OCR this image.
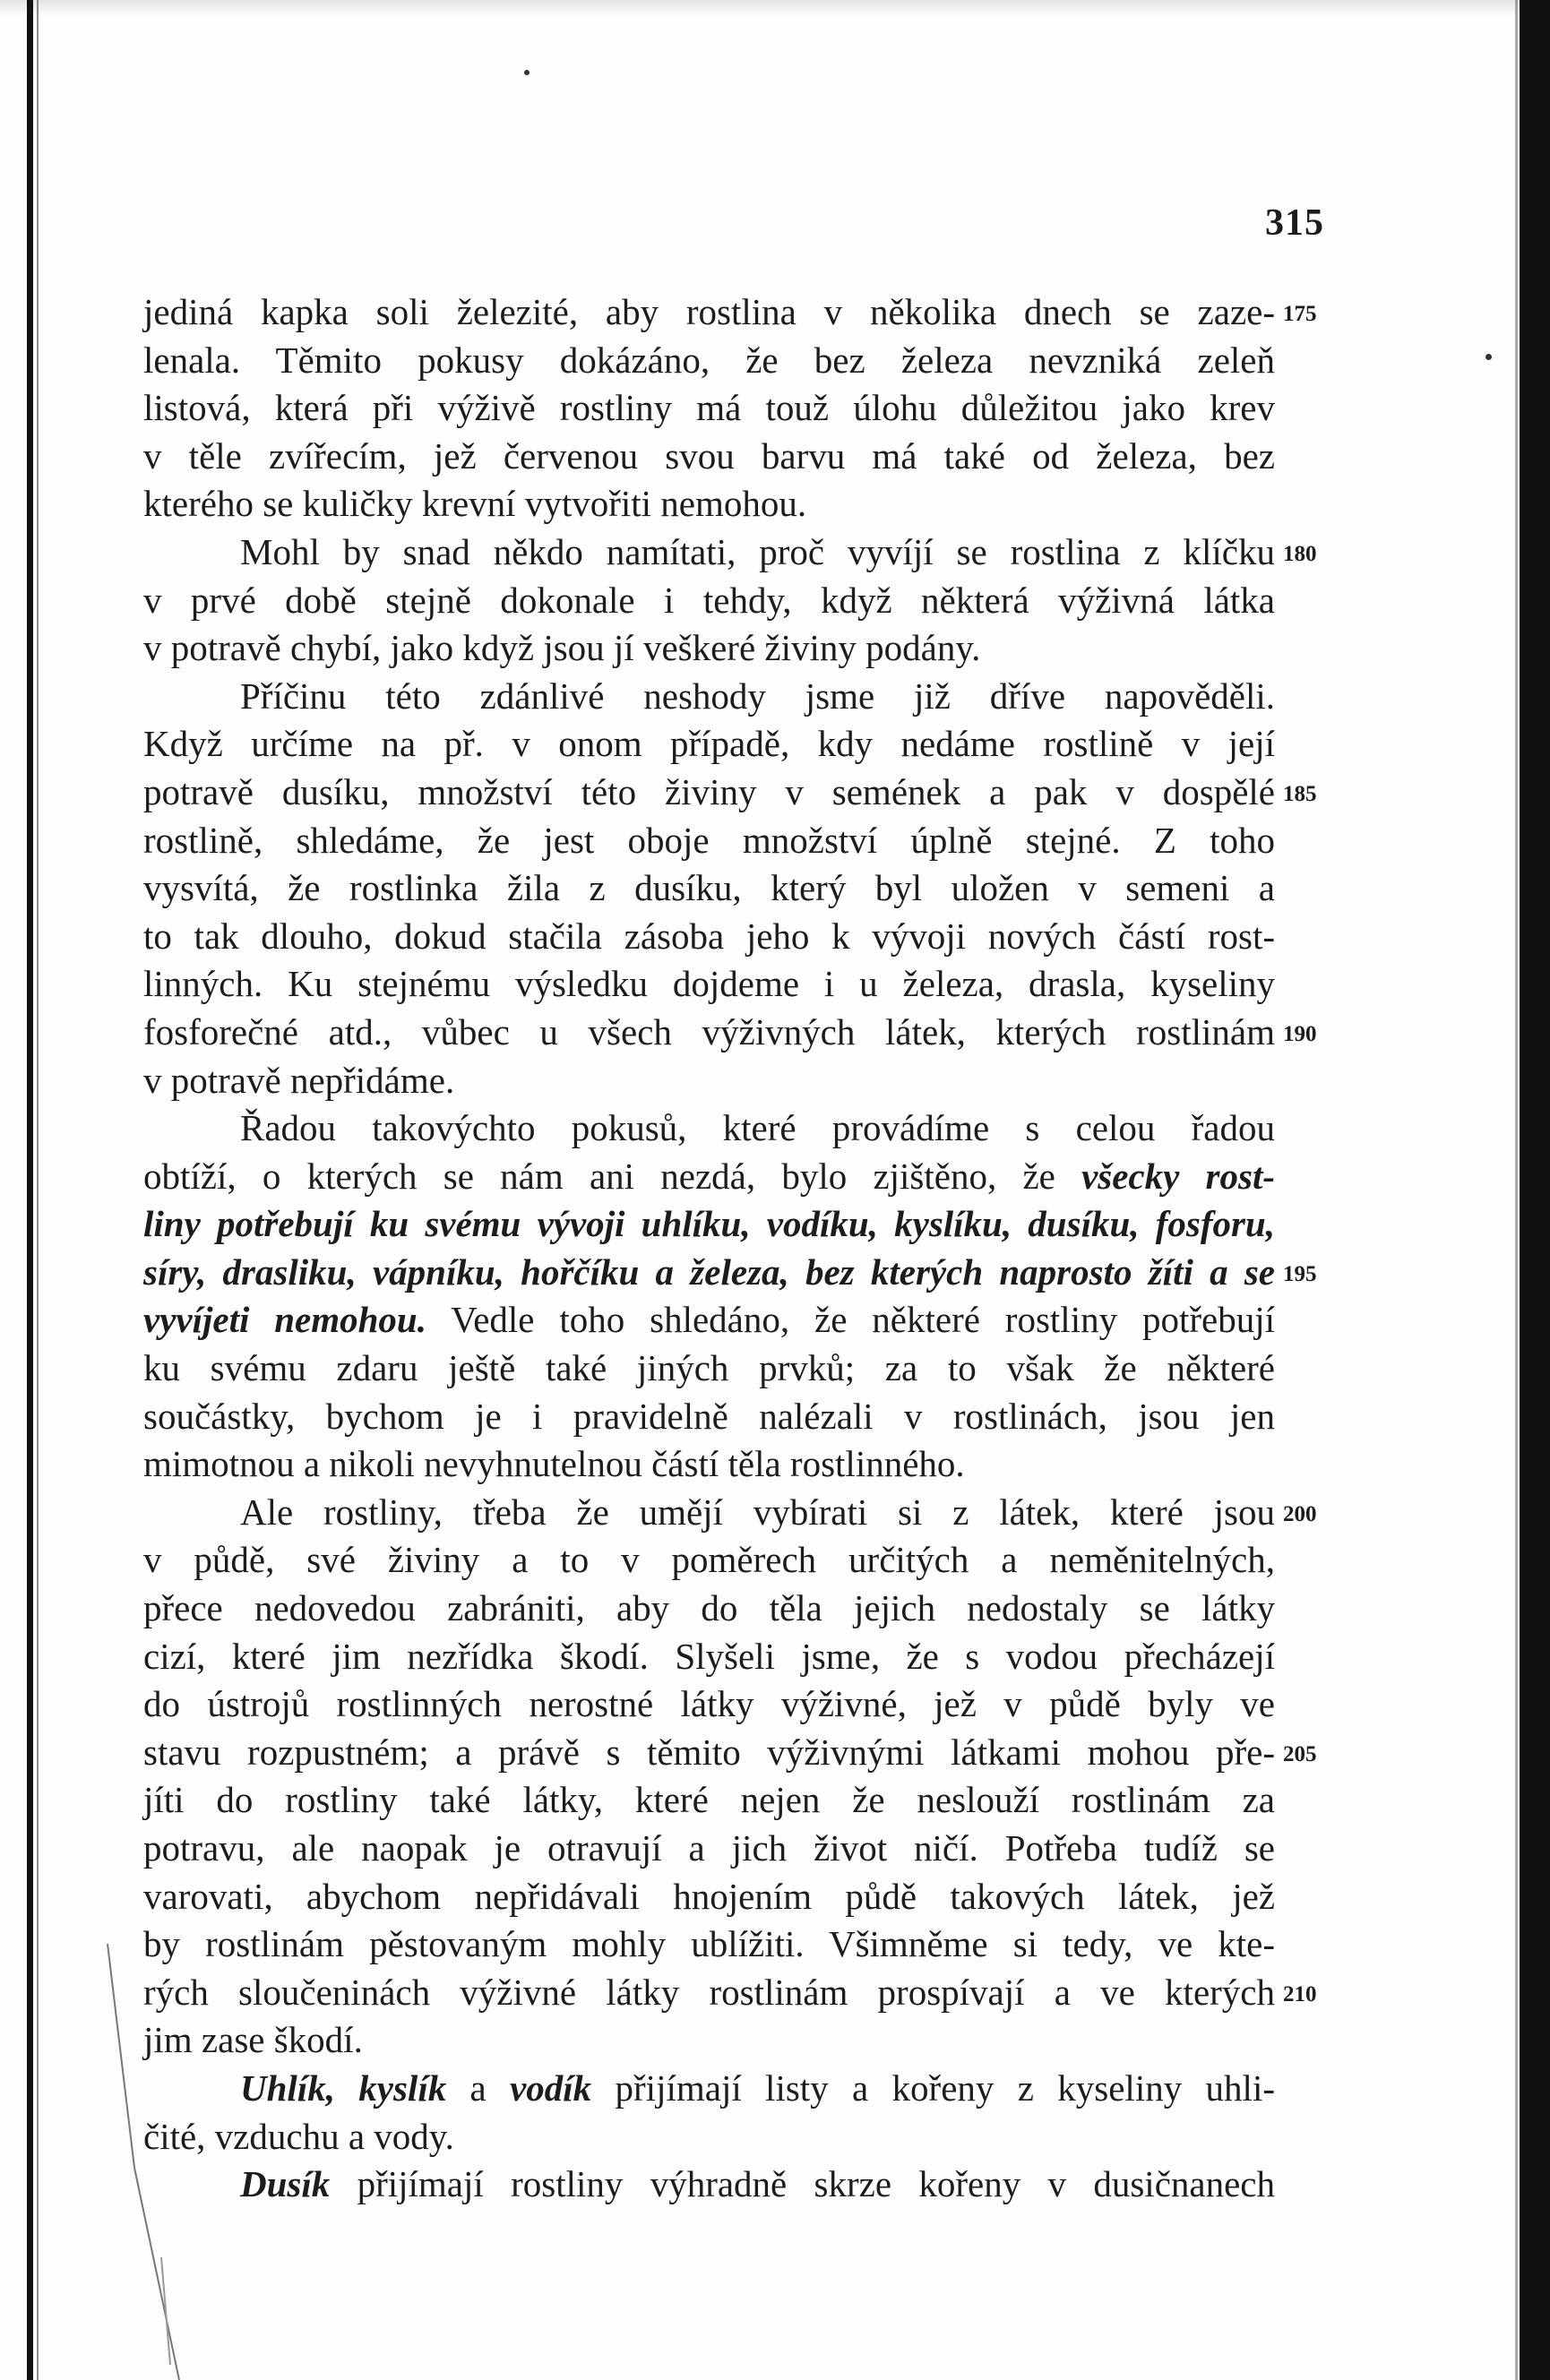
315
jediná kapka soli železité, aby rostlina v několika dnech se zaze-
lenala. Těmito pokusy dokázáno, že bez železa nevzniká zeleň
listová, která při výživě rostliny má touž úlohu důležitou jako krev
v těle zvířecím, jež červenou svou barvu má také od železa, bez
kterého se kuličky krevní vytvořiti nemohou.
Mohl by snad někdo namítati, proč vyvíjí se rostlina z klíčku
v prvé době stejně dokonale i tehdy, když některá výživná látka
v potravě chybí, jako když jsou jí veškeré živiny podány.
Příčinu této zdánlivé neshody jsme již dříve napověděli.
Když určíme na př. v onom případě, kdy nedáme rostlině v její
potravě dusíku, množství této živiny v semének a pak v dospělé
rostlině, shledáme, že jest oboje množství úplně stejné. Z toho
vysvítá, že rostlinka žila z dusíku, který byl uložen v semeni a
to tak dlouho, dokud stačila zásoba jeho k vývoji nových částí rost-
linných. Ku stejnému výsledku dojdeme i u železa, drasla, kyseliny
fosforečné atd., vůbec u všech výživných látek, kterých rostlinám
v potravě nepřidáme.
Řadou takovýchto pokusů, které provádíme s celou řadou
obtíží, o kterých se nám ani nezdá, bylo zjištěno, že všecky rost-
liny potřebují ku svému vývoji uhlíku, vodíku, kyslíku, dusíku, fosforu,
síry, drasliku, vápníku, hořčíku a železa, bez kterých naprosto žíti a se
vyvíjeti nemohou. Vedle toho shledáno, že některé rostliny potřebují
ku svému zdaru ještě také jiných prvků; za to však že některé
součástky, bychom je i pravidelně nalézali v rostlinách, jsou jen
mimotnou a nikoli nevyhnutelnou částí těla rostlinného.
Ale rostliny, třeba že umějí vybírati si z látek, které jsou
v půdě, své živiny a to v poměrech určitých a neměnitelných,
přece nedovedou zabrániti, aby do těla jejich nedostaly se látky
cizí, které jim nezřídka škodí. Slyšeli jsme, že s vodou přecházejí
do ústrojů rostlinných nerostné látky výživné, jež v půdě byly ve
stavu rozpustném; a právě s těmito výživnými látkami mohou pře-
jíti do rostliny také látky, které nejen že neslouží rostlinám za
potravu, ale naopak je otravují a jich život ničí. Potřeba tudíž se
varovati, abychom nepřidávali hnojením půdě takových látek, jež
by rostlinám pěstovaným mohly ublížiti. Všimněme si tedy, ve kte-
rých sloučeninách výživné látky rostlinám prospívají a ve kterých
jim zase škodí.
Uhlík, kyslík a vodík přijímají listy a kořeny z kyseliny uhli-
čité, vzduchu a vody.
Dusík přijímají rostliny výhradně skrze kořeny v dusičnanech
175
180
185
190
195
200
205
210
